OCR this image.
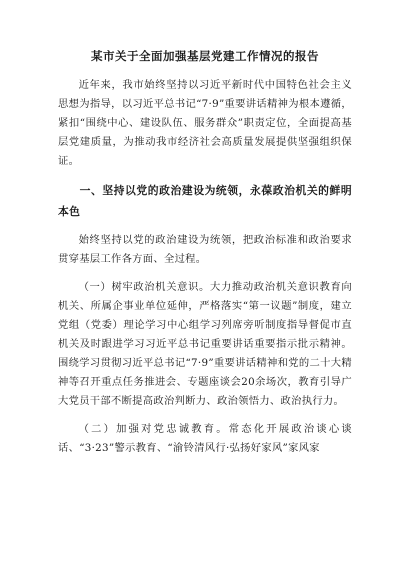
某市关于全面加强基层党建工作情况的报告

近年来，我市始终坚持以习近平新时代中国特色社会主义思想为指导，以习近平总书记“7·9”重要讲话精神为根本遵循，紧扣“围绕中心、建设队伍、服务群众”职责定位，全面提高基层党建质量，为推动我市经济社会高质量发展提供坚强组织保证。

一、坚持以党的政治建设为统领，永葆政治机关的鲜明本色

始终坚持以党的政治建设为统领，把政治标准和政治要求贯穿基层工作各方面、全过程。

（一）树牢政治机关意识。大力推动政治机关意识教育向机关、所属企事业单位延伸，严格落实“第一议题”制度，建立党组（党委）理论学习中心组学习列席旁听制度指导督促市直机关及时跟进学习习近平总书记重要讲话重要指示批示精神。围绕学习贯彻习近平总书记“7·9”重要讲话精神和党的二十大精神等召开重点任务推进会、专题座谈会20余场次，教育引导广大党员干部不断提高政治判断力、政治领悟力、政治执行力。

（二）加强对党忠诚教育。常态化开展政治谈心谈话、“3·23”警示教育、“渝铃清风行·弘扬好家风”家风家
